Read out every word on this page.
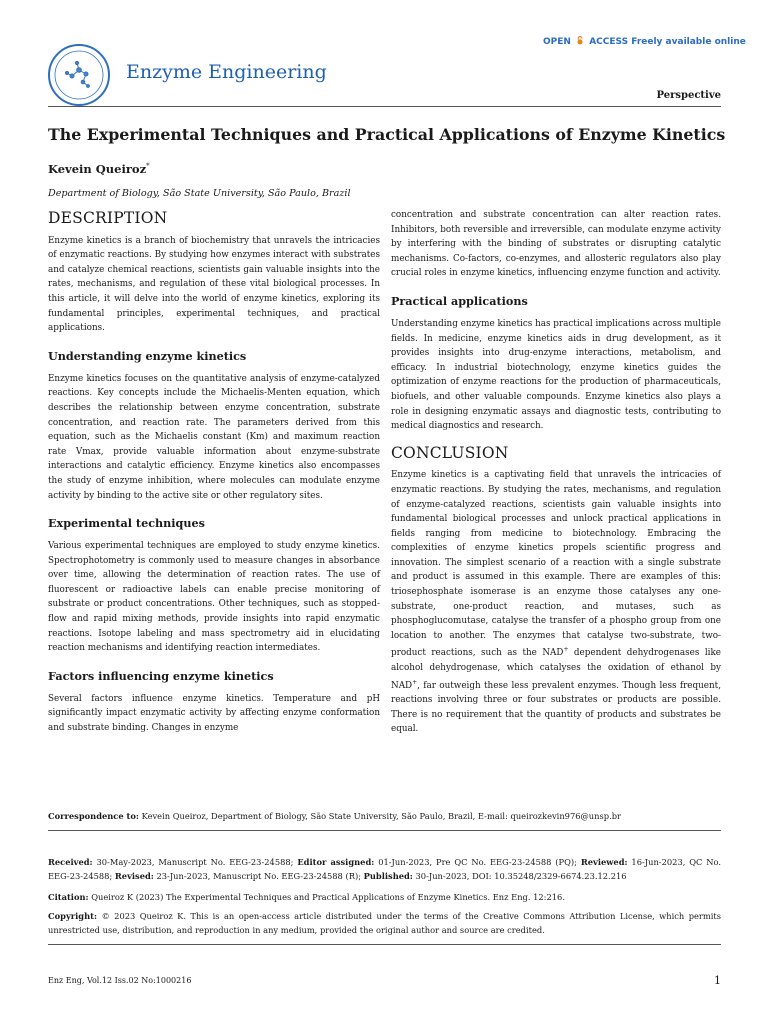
Enzyme Engineering
OPEN ACCESS Freely available online
Perspective
The Experimental Techniques and Practical Applications of Enzyme Kinetics
Kevein Queiroz*
Department of Biology, São State University, São Paulo, Brazil
DESCRIPTION

Enzyme kinetics is a branch of biochemistry that unravels the intricacies of enzymatic reactions. By studying how enzymes interact with substrates and catalyze chemical reactions, scientists gain valuable insights into the rates, mechanisms, and regulation of these vital biological processes. In this article, it will delve into the world of enzyme kinetics, exploring its fundamental principles, experimental techniques, and practical applications.

Understanding enzyme kinetics

Enzyme kinetics focuses on the quantitative analysis of enzyme-catalyzed reactions. Key concepts include the Michaelis-Menten equation, which describes the relationship between enzyme concentration, substrate concentration, and reaction rate. The parameters derived from this equation, such as the Michaelis constant (Km) and maximum reaction rate Vmax, provide valuable information about enzyme-substrate interactions and catalytic efficiency. Enzyme kinetics also encompasses the study of enzyme inhibition, where molecules can modulate enzyme activity by binding to the active site or other regulatory sites.

Experimental techniques

Various experimental techniques are employed to study enzyme kinetics. Spectrophotometry is commonly used to measure changes in absorbance over time, allowing the determination of reaction rates. The use of fluorescent or radioactive labels can enable precise monitoring of substrate or product concentrations. Other techniques, such as stopped-flow and rapid mixing methods, provide insights into rapid enzymatic reactions. Isotope labeling and mass spectrometry aid in elucidating reaction mechanisms and identifying reaction intermediates.

Factors influencing enzyme kinetics

Several factors influence enzyme kinetics. Temperature and pH significantly impact enzymatic activity by affecting enzyme conformation and substrate binding. Changes in enzyme

concentration and substrate concentration can alter reaction rates. Inhibitors, both reversible and irreversible, can modulate enzyme activity by interfering with the binding of substrates or disrupting catalytic mechanisms. Co-factors, co-enzymes, and allosteric regulators also play crucial roles in enzyme kinetics, influencing enzyme function and activity.

Practical applications

Understanding enzyme kinetics has practical implications across multiple fields. In medicine, enzyme kinetics aids in drug development, as it provides insights into drug-enzyme interactions, metabolism, and efficacy. In industrial biotechnology, enzyme kinetics guides the optimization of enzyme reactions for the production of pharmaceuticals, biofuels, and other valuable compounds. Enzyme kinetics also plays a role in designing enzymatic assays and diagnostic tests, contributing to medical diagnostics and research.

CONCLUSION

Enzyme kinetics is a captivating field that unravels the intricacies of enzymatic reactions. By studying the rates, mechanisms, and regulation of enzyme-catalyzed reactions, scientists gain valuable insights into fundamental biological processes and unlock practical applications in fields ranging from medicine to biotechnology. Embracing the complexities of enzyme kinetics propels scientific progress and innovation. The simplest scenario of a reaction with a single substrate and product is assumed in this example. There are examples of this: triosephosphate isomerase is an enzyme those catalyses any one-substrate, one-product reaction, and mutases, such as phosphoglucomutase, catalyse the transfer of a phospho group from one location to another. The enzymes that catalyse two-substrate, two-product reactions, such as the NAD+ dependent dehydrogenases like alcohol dehydrogenase, which catalyses the oxidation of ethanol by NAD+, far outweigh these less prevalent enzymes. Though less frequent, reactions involving three or four substrates or products are possible. There is no requirement that the quantity of products and substrates be equal.

Correspondence to: Kevein Queiroz, Department of Biology, São State University, São Paulo, Brazil, E-mail: queirozkevin976@unsp.br
Received: 30-May-2023, Manuscript No. EEG-23-24588; Editor assigned: 01-Jun-2023, Pre QC No. EEG-23-24588 (PQ); Reviewed: 16-Jun-2023, QC No. EEG-23-24588; Revised: 23-Jun-2023, Manuscript No. EEG-23-24588 (R); Published: 30-Jun-2023, DOI: 10.35248/2329-6674.23.12.216
Citation: Queiroz K (2023) The Experimental Techniques and Practical Applications of Enzyme Kinetics. Enz Eng. 12:216.
Copyright: © 2023 Queiroz K. This is an open-access article distributed under the terms of the Creative Commons Attribution License, which permits unrestricted use, distribution, and reproduction in any medium, provided the original author and source are credited.
Enz Eng, Vol.12 Iss.02 No:1000216	1
